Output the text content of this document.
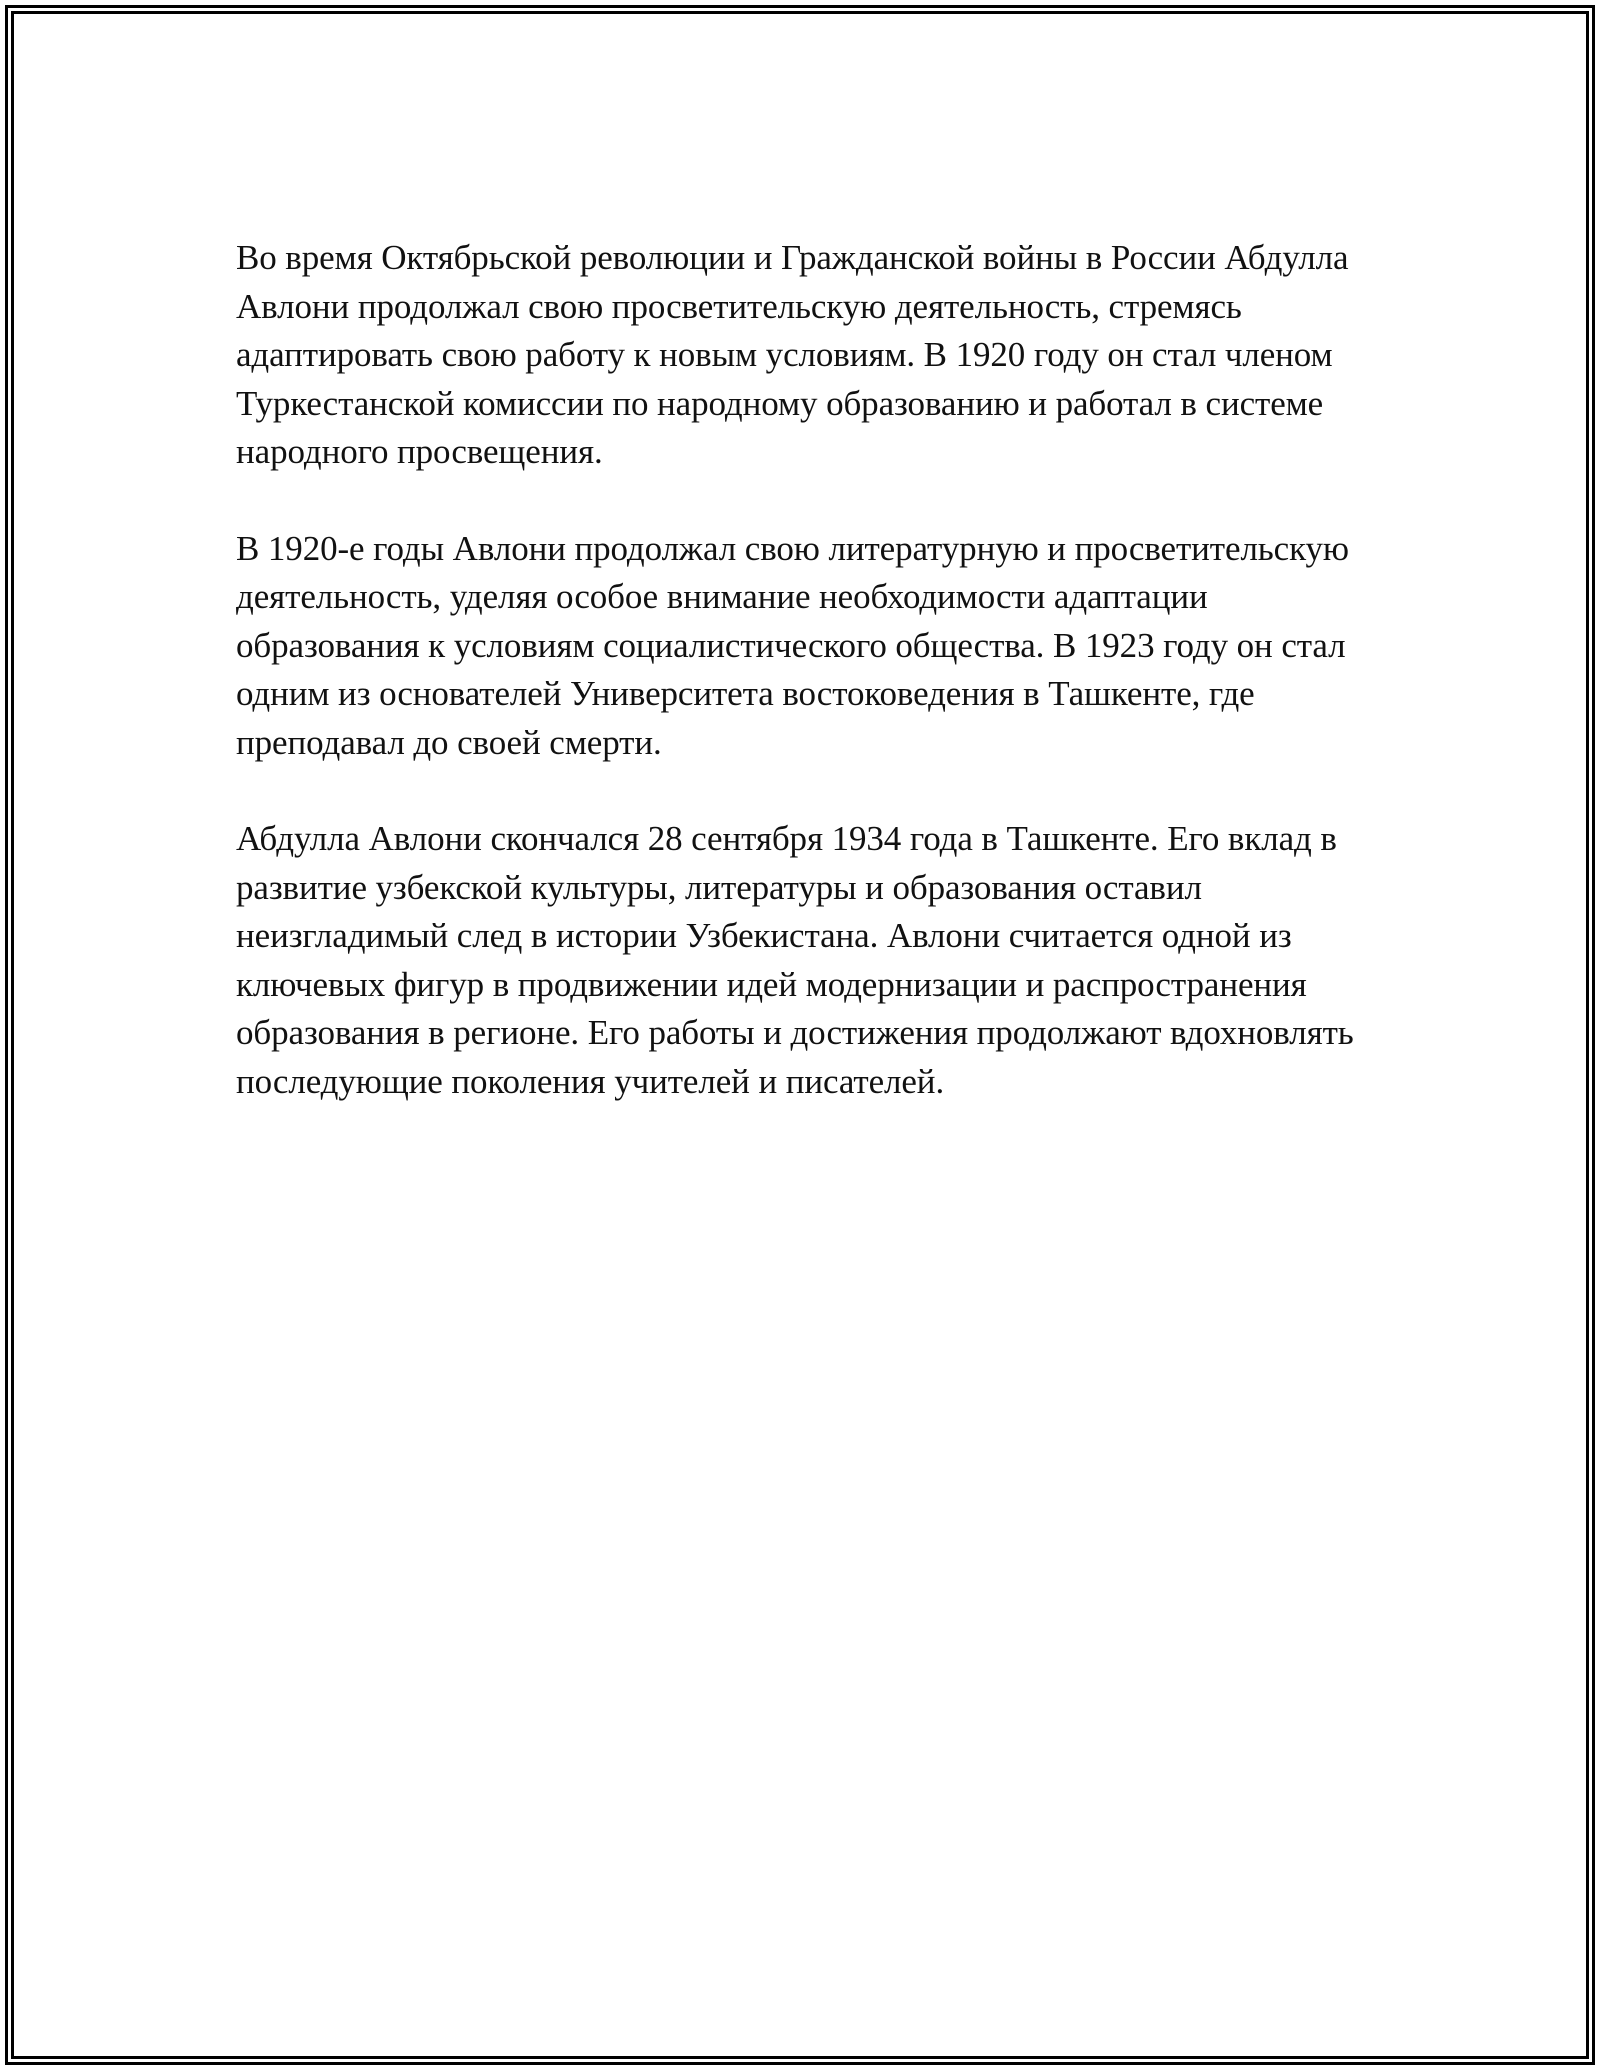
Во время Октябрьской революции и Гражданской войны в России Абдулла Авлони продолжал свою просветительскую деятельность, стремясь адаптировать свою работу к новым условиям. В 1920 году он стал членом Туркестанской комиссии по народному образованию и работал в системе народного просвещения.

В 1920-е годы Авлони продолжал свою литературную и просветительскую деятельность, уделяя особое внимание необходимости адаптации образования к условиям социалистического общества. В 1923 году он стал одним из основателей Университета востоковедения в Ташкенте, где преподавал до своей смерти.

Абдулла Авлони скончался 28 сентября 1934 года в Ташкенте. Его вклад в развитие узбекской культуры, литературы и образования оставил неизгладимый след в истории Узбекистана. Авлони считается одной из ключевых фигур в продвижении идей модернизации и распространения образования в регионе. Его работы и достижения продолжают вдохновлять последующие поколения учителей и писателей.
